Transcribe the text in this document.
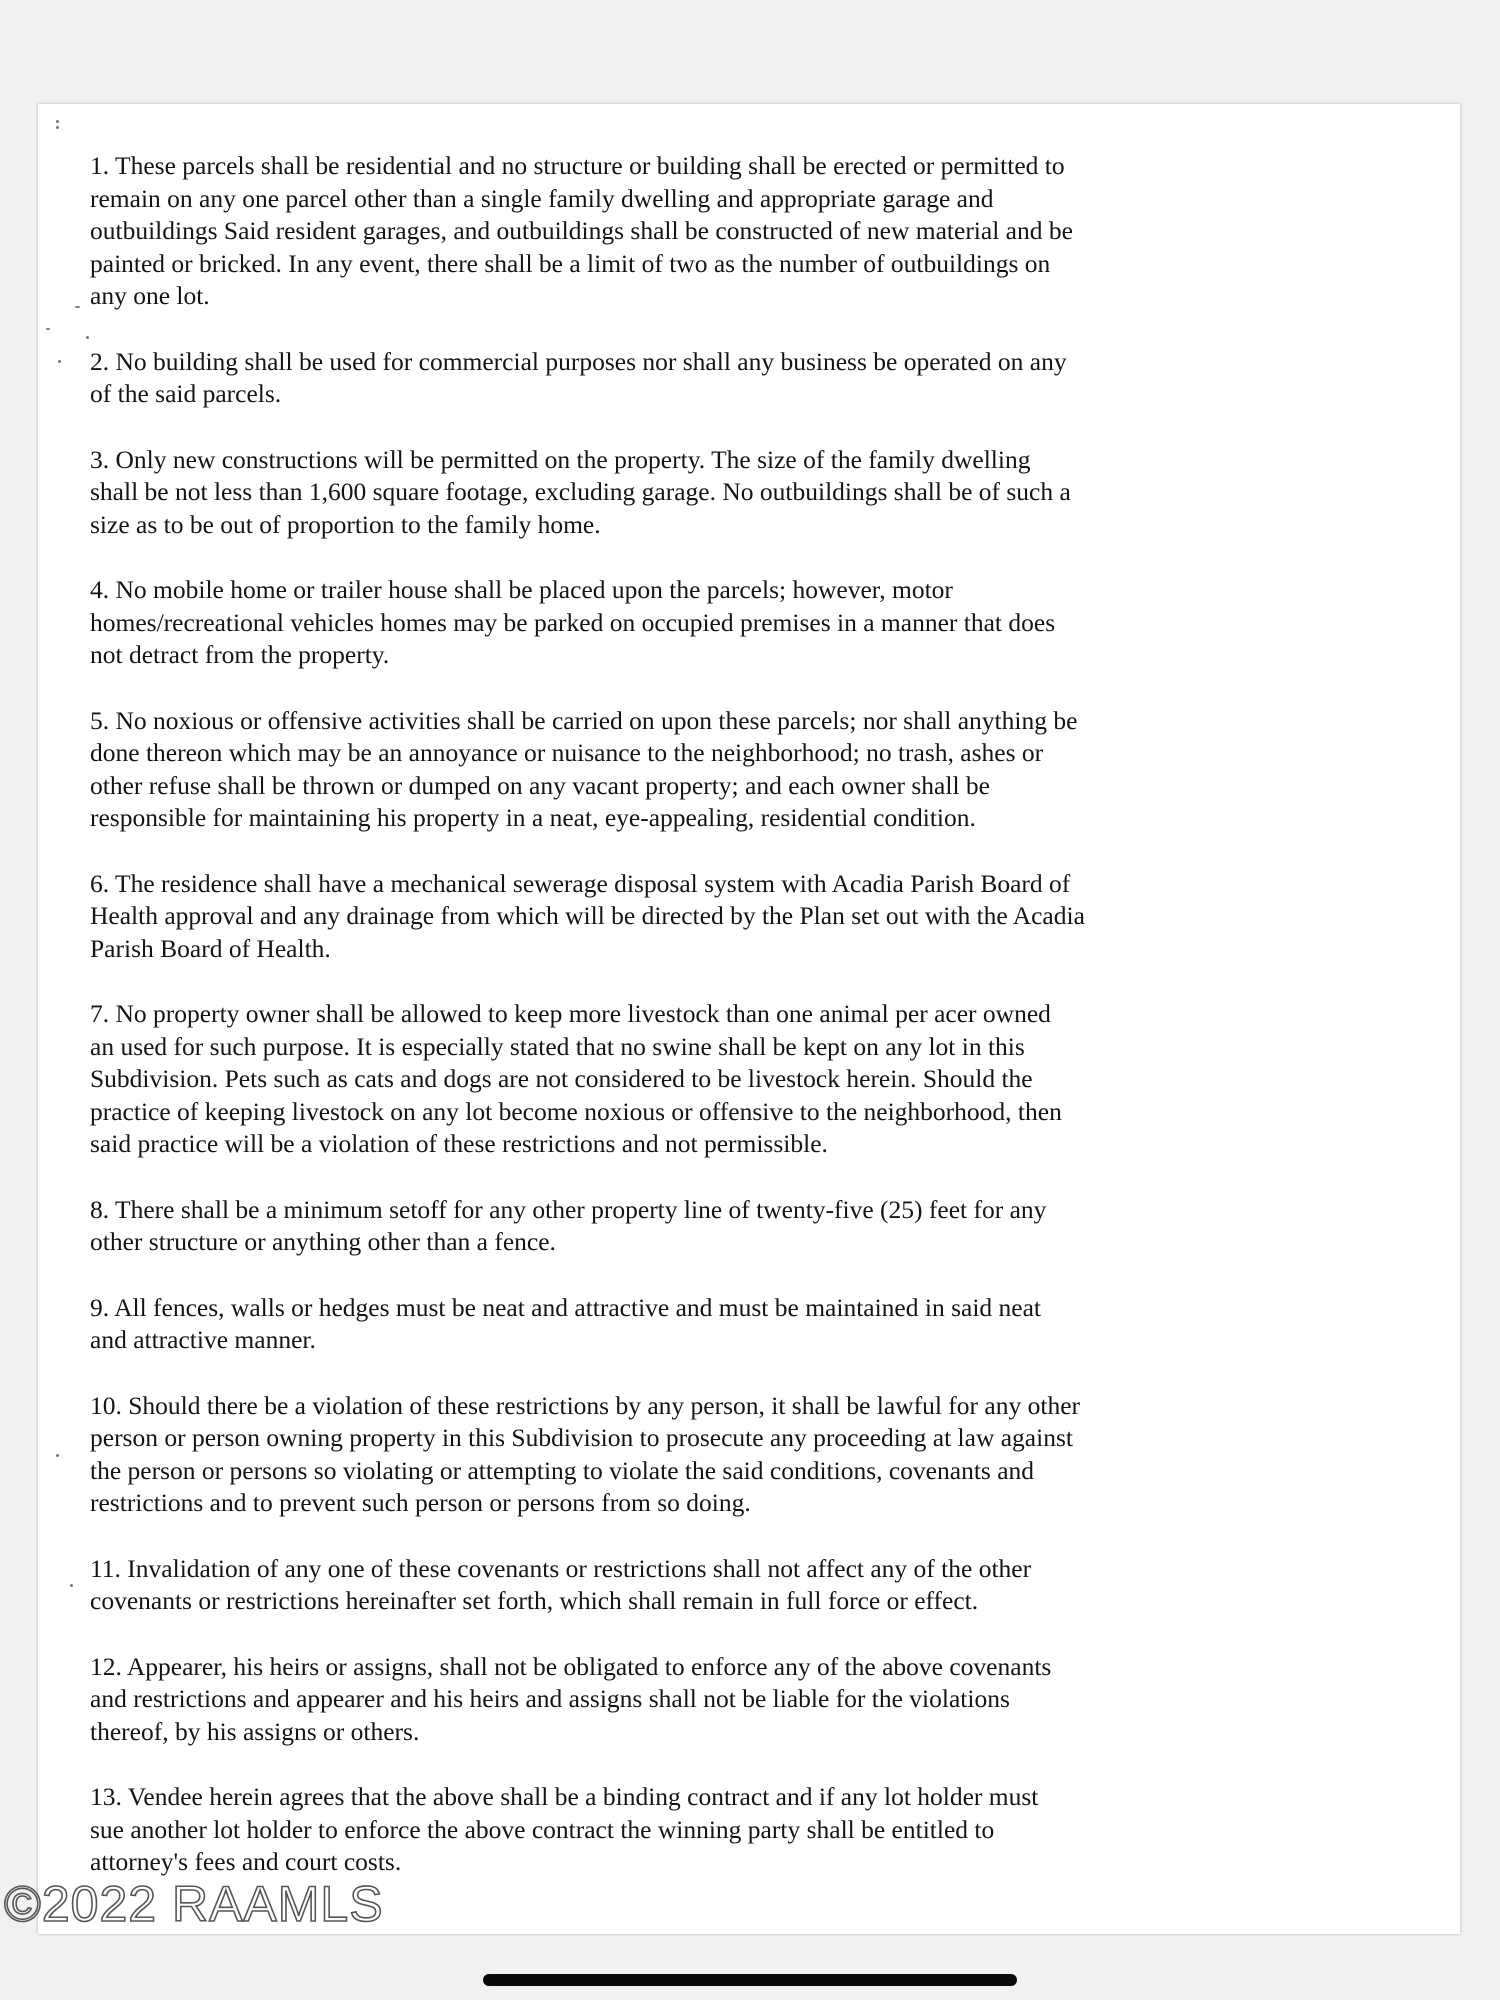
1. These parcels shall be residential and no structure or building shall be erected or permitted to
remain on any one parcel other than a single family dwelling and appropriate garage and
outbuildings Said resident garages, and outbuildings shall be constructed of new material and be
painted or bricked. In any event, there shall be a limit of two as the number of outbuildings on
any one lot.

2. No building shall be used for commercial purposes nor shall any business be operated on any
of the said parcels.

3. Only new constructions will be permitted on the property. The size of the family dwelling
shall be not less than 1,600 square footage, excluding garage. No outbuildings shall be of such a
size as to be out of proportion to the family home.

4. No mobile home or trailer house shall be placed upon the parcels; however, motor
homes/recreational vehicles homes may be parked on occupied premises in a manner that does
not detract from the property.

5. No noxious or offensive activities shall be carried on upon these parcels; nor shall anything be
done thereon which may be an annoyance or nuisance to the neighborhood; no trash, ashes or
other refuse shall be thrown or dumped on any vacant property; and each owner shall be
responsible for maintaining his property in a neat, eye-appealing, residential condition.

6. The residence shall have a mechanical sewerage disposal system with Acadia Parish Board of
Health approval and any drainage from which will be directed by the Plan set out with the Acadia
Parish Board of Health.

7. No property owner shall be allowed to keep more livestock than one animal per acer owned
an used for such purpose. It is especially stated that no swine shall be kept on any lot in this
Subdivision. Pets such as cats and dogs are not considered to be livestock herein. Should the
practice of keeping livestock on any lot become noxious or offensive to the neighborhood, then
said practice will be a violation of these restrictions and not permissible.

8. There shall be a minimum setoff for any other property line of twenty-five (25) feet for any
other structure or anything other than a fence.

9. All fences, walls or hedges must be neat and attractive and must be maintained in said neat
and attractive manner.

10. Should there be a violation of these restrictions by any person, it shall be lawful for any other
person or person owning property in this Subdivision to prosecute any proceeding at law against
the person or persons so violating or attempting to violate the said conditions, covenants and
restrictions and to prevent such person or persons from so doing.

11. Invalidation of any one of these covenants or restrictions shall not affect any of the other
covenants or restrictions hereinafter set forth, which shall remain in full force or effect.

12. Appearer, his heirs or assigns, shall not be obligated to enforce any of the above covenants
and restrictions and appearer and his heirs and assigns shall not be liable for the violations
thereof, by his assigns or others.

13. Vendee herein agrees that the above shall be a binding contract and if any lot holder must
sue another lot holder to enforce the above contract the winning party shall be entitled to
attorney's fees and court costs.

©2022 RAAMLS
